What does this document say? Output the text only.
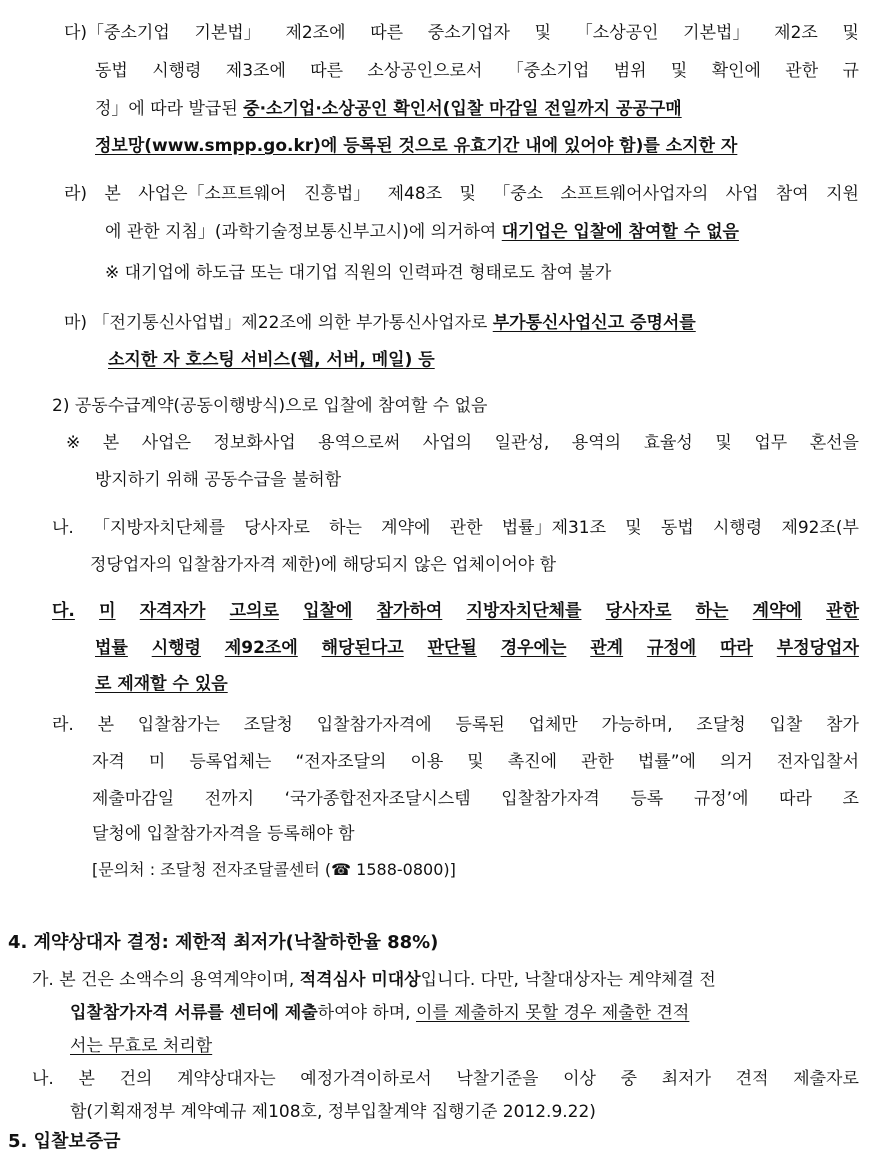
다)「중소기업 기본법」 제2조에 따른 중소기업자 및 「소상공인 기본법」 제2조 및
동법 시행령 제3조에 따른 소상공인으로서 「중소기업 범위 및 확인에 관한 규
정」에 따라 발급된 중·소기업·소상공인 확인서(입찰 마감일 전일까지 공공구매
정보망(www.smpp.go.kr)에 등록된 것으로 유효기간 내에 있어야 함)를 소지한 자
라) 본 사업은「소프트웨어 진흥법」 제48조 및 「중소 소프트웨어사업자의 사업 참여 지원
에 관한 지침」(과학기술정보통신부고시)에 의거하여 대기업은 입찰에 참여할 수 없음
※ 대기업에 하도급 또는 대기업 직원의 인력파견 형태로도 참여 불가
마) 「전기통신사업법」제22조에 의한 부가통신사업자로 부가통신사업신고 증명서를
소지한 자 호스팅 서비스(웹, 서버, 메일) 등
2) 공동수급계약(공동이행방식)으로 입찰에 참여할 수 없음
※ 본 사업은 정보화사업 용역으로써 사업의 일관성, 용역의 효율성 및 업무 혼선을
방지하기 위해 공동수급을 불허함
나. 「지방자치단체를 당사자로 하는 계약에 관한 법률」제31조 및 동법 시행령 제92조(부
정당업자의 입찰참가자격 제한)에 해당되지 않은 업체이어야 함
다. 미 자격자가 고의로 입찰에 참가하여 지방자치단체를 당사자로 하는 계약에 관한
법률 시행령 제92조에 해당된다고 판단될 경우에는 관계 규정에 따라 부정당업자
로 제재할 수 있음
라. 본 입찰참가는 조달청 입찰참가자격에 등록된 업체만 가능하며, 조달청 입찰 참가
자격 미 등록업체는 “전자조달의 이용 및 촉진에 관한 법률”에 의거 전자입찰서
제출마감일 전까지 ‘국가종합전자조달시스템 입찰참가자격 등록 규정’에 따라 조
달청에 입찰참가자격을 등록해야 함
[문의처 : 조달청 전자조달콜센터 (☎ 1588-0800)]
4. 계약상대자 결정: 제한적 최저가(낙찰하한율 88%)
가. 본 건은 소액수의 용역계약이며, 적격심사 미대상입니다. 다만, 낙찰대상자는 계약체결 전
입찰참가자격 서류를 센터에 제출하여야 하며, 이를 제출하지 못할 경우 제출한 견적
서는 무효로 처리함
나. 본 건의 계약상대자는 예정가격이하로서 낙찰기준을 이상 중 최저가 견적 제출자로
함(기획재정부 계약예규 제108호, 정부입찰계약 집행기준 2012.9.22)
5. 입찰보증금
